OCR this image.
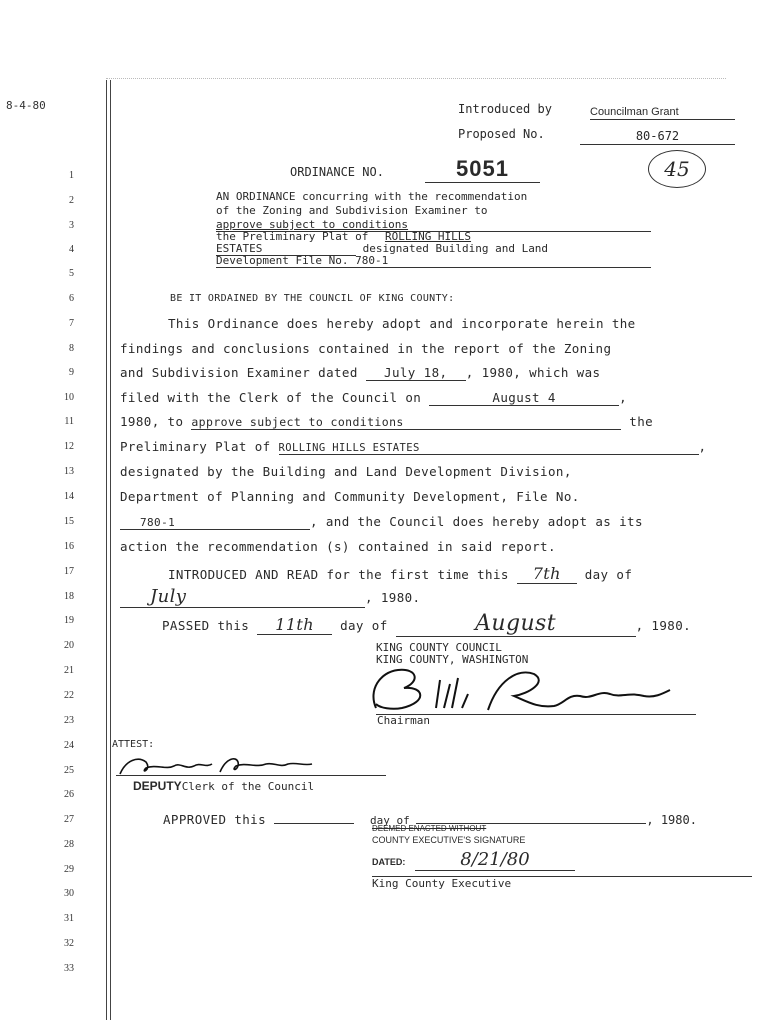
8-4-80
1
2
3
4
5
6
7
8
9
10
11
12
13
14
15
16
17
18
19
20
21
22
23
24
25
26
27
28
29
30
31
32
33
Introduced by	Councilman Grant
Proposed No.	80-672
ORDINANCE NO.	5051	45
AN ORDINANCE concurring with the recommendation
of the Zoning and Subdivision Examiner to
approve subject to conditions
the Preliminary Plat of ROLLING HILLS
ESTATES	designated Building and Land
Development File No. 780-1
BE IT ORDAINED BY THE COUNCIL OF KING COUNTY:
This Ordinance does hereby adopt and incorporate herein the
findings and conclusions contained in the report of the Zoning
and Subdivision Examiner dated July 18, , 1980, which was
filed with the Clerk of the Council on	August 4	,
1980, to approve subject to conditions	the
Preliminary Plat of ROLLING HILLS ESTATES	,
designated by the Building and Land Development Division,
Department of Planning and Community Development, File No.
780-1	, and the Council does hereby adopt as its
action the recommendation (s) contained in said report.
INTRODUCED AND READ for the first time this 7th day of
July	, 1980.
PASSED this 11th day of	August	, 1980.
KING COUNTY COUNCIL
KING COUNTY, WASHINGTON
Chairman
ATTEST:
DEPUTYClerk of the Council
APPROVED this	day of	, 1980.
DEEMED ENACTED WITHOUT
COUNTY EXECUTIVE'S SIGNATURE
DATED:	8/21/80
King County Executive
